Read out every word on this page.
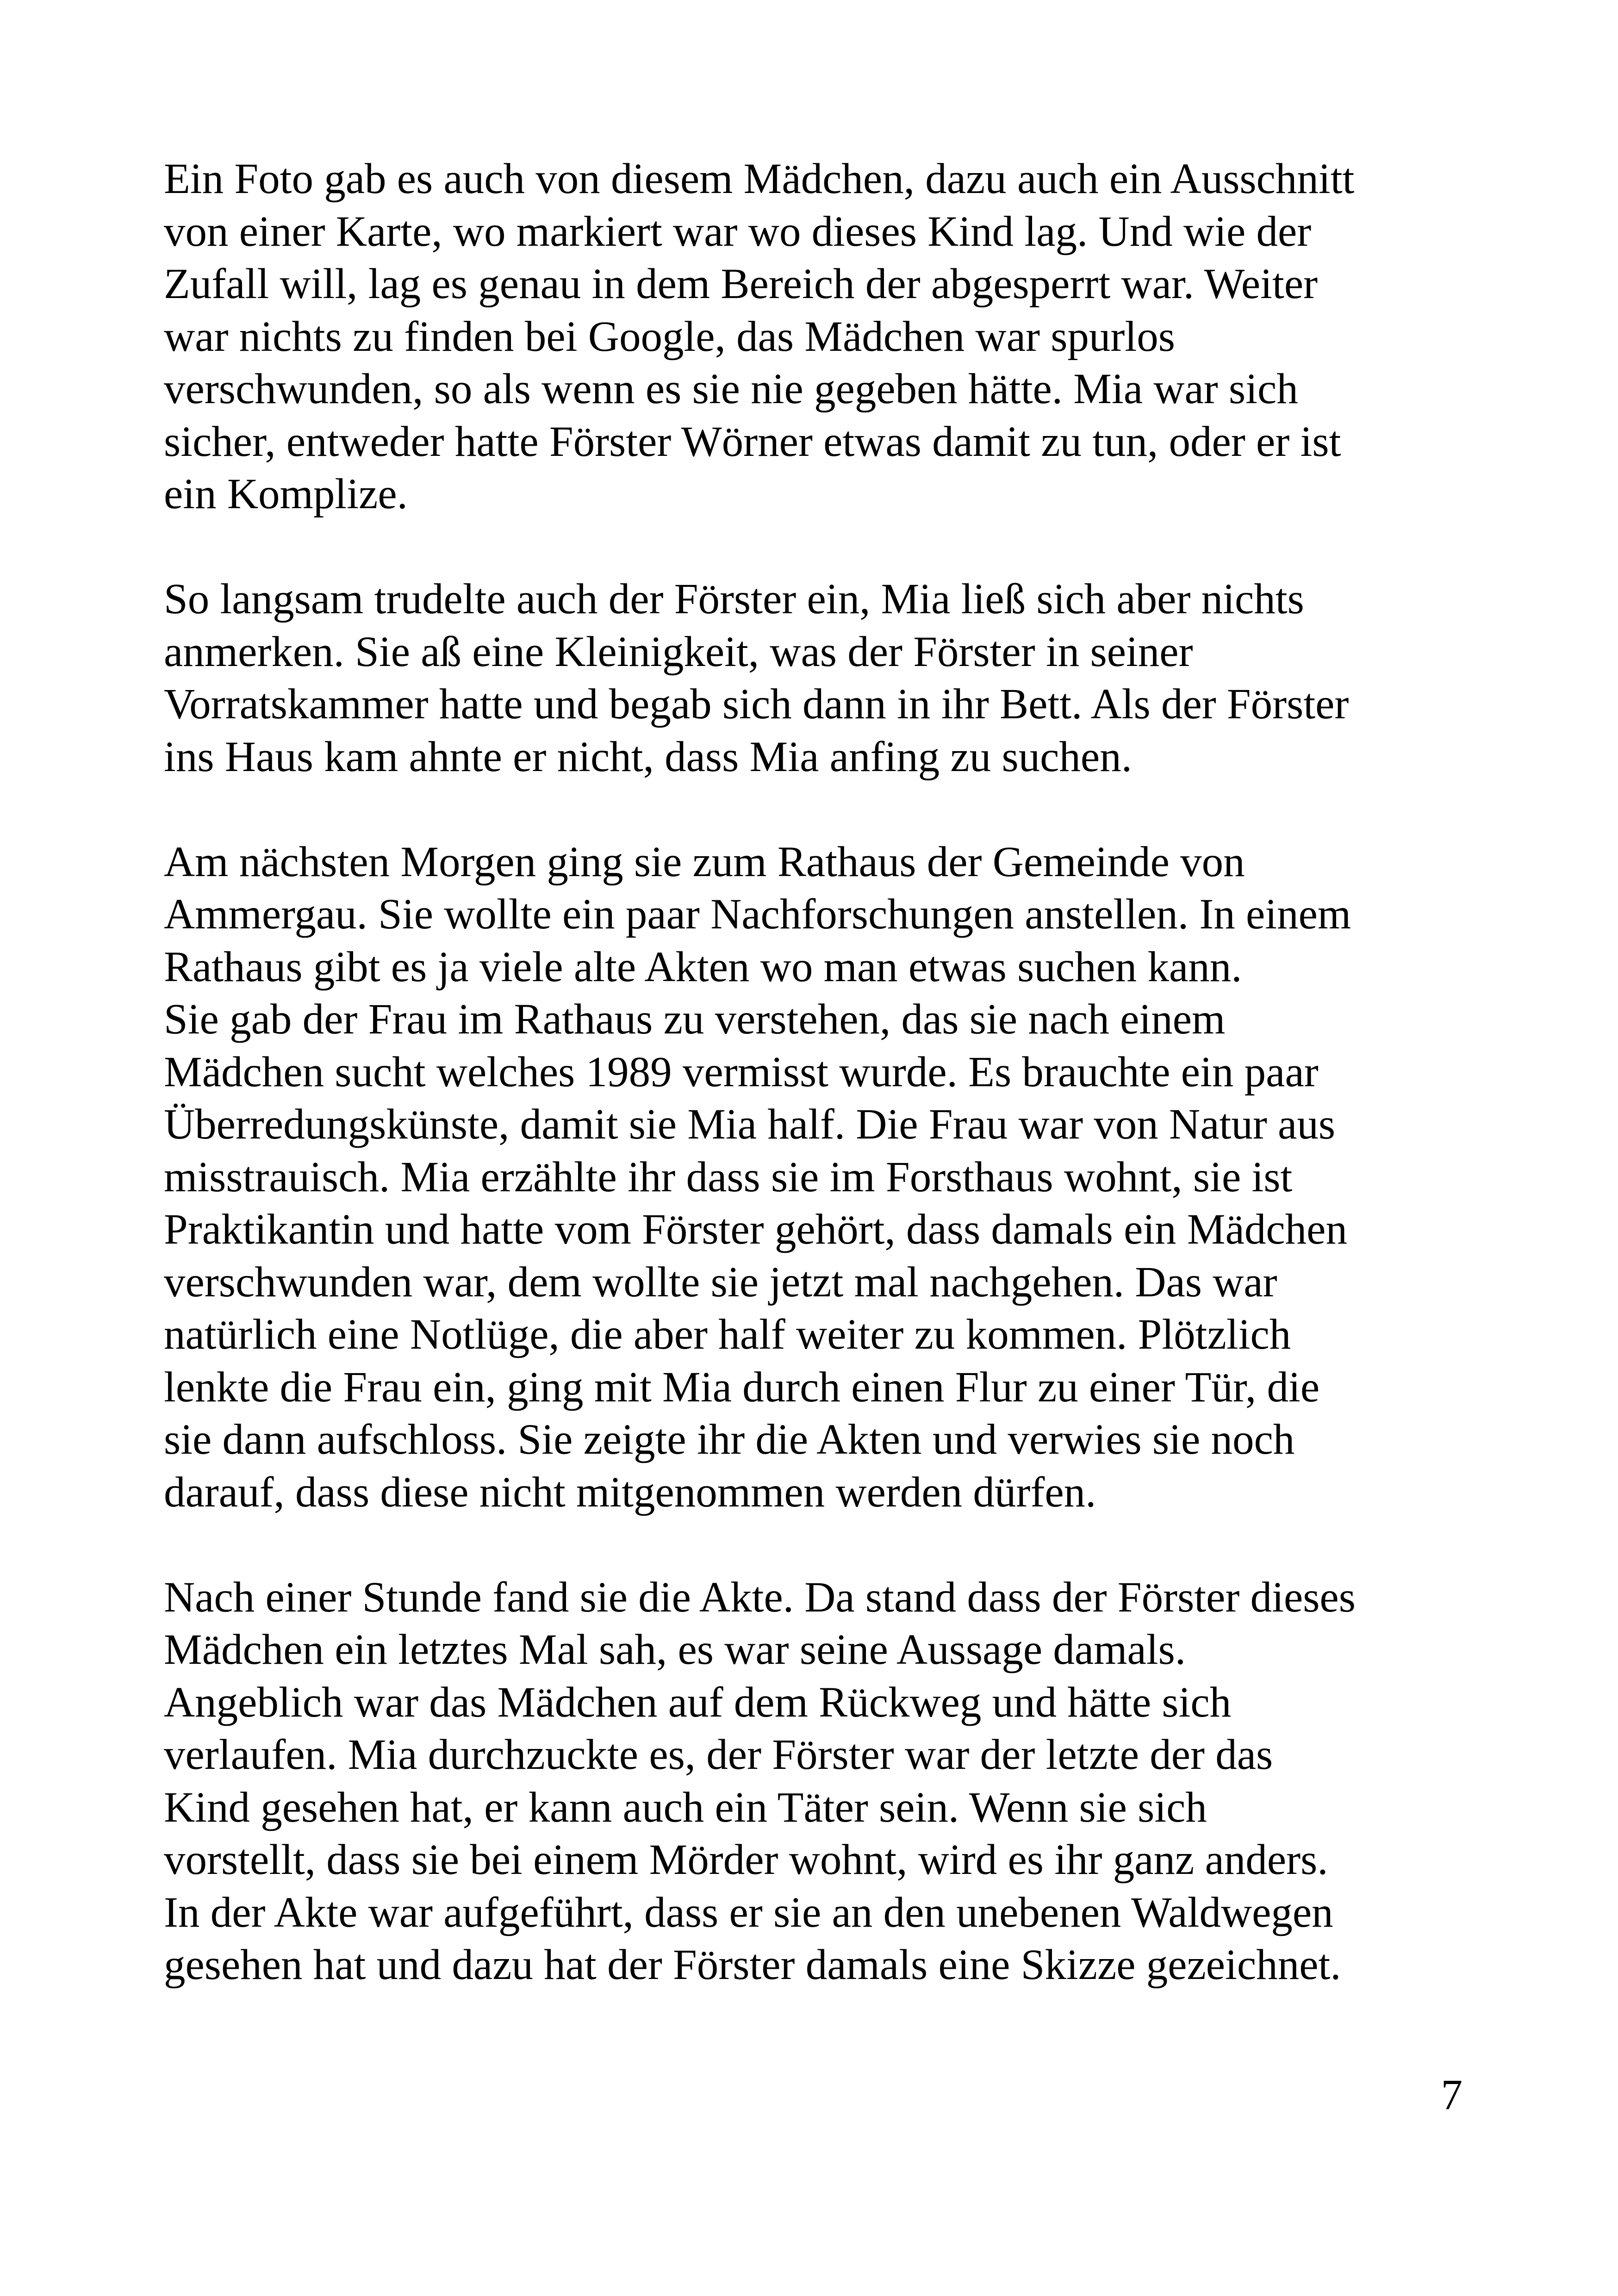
Ein Foto gab es auch von diesem Mädchen, dazu auch ein Ausschnitt
von einer Karte, wo markiert war wo dieses Kind lag. Und wie der
Zufall will, lag es genau in dem Bereich der abgesperrt war. Weiter
war nichts zu finden bei Google, das Mädchen war spurlos
verschwunden, so als wenn es sie nie gegeben hätte. Mia war sich
sicher, entweder hatte Förster Wörner etwas damit zu tun, oder er ist
ein Komplize.
So langsam trudelte auch der Förster ein, Mia ließ sich aber nichts
anmerken. Sie aß eine Kleinigkeit, was der Förster in seiner
Vorratskammer hatte und begab sich dann in ihr Bett. Als der Förster
ins Haus kam ahnte er nicht, dass Mia anfing zu suchen.
Am nächsten Morgen ging sie zum Rathaus der Gemeinde von
Ammergau. Sie wollte ein paar Nachforschungen anstellen. In einem
Rathaus gibt es ja viele alte Akten wo man etwas suchen kann.
Sie gab der Frau im Rathaus zu verstehen, das sie nach einem
Mädchen sucht welches 1989 vermisst wurde. Es brauchte ein paar
Überredungskünste, damit sie Mia half. Die Frau war von Natur aus
misstrauisch. Mia erzählte ihr dass sie im Forsthaus wohnt, sie ist
Praktikantin und hatte vom Förster gehört, dass damals ein Mädchen
verschwunden war, dem wollte sie jetzt mal nachgehen. Das war
natürlich eine Notlüge, die aber half weiter zu kommen. Plötzlich
lenkte die Frau ein, ging mit Mia durch einen Flur zu einer Tür, die
sie dann aufschloss. Sie zeigte ihr die Akten und verwies sie noch
darauf, dass diese nicht mitgenommen werden dürfen.
Nach einer Stunde fand sie die Akte. Da stand dass der Förster dieses
Mädchen ein letztes Mal sah, es war seine Aussage damals.
Angeblich war das Mädchen auf dem Rückweg und hätte sich
verlaufen. Mia durchzuckte es, der Förster war der letzte der das
Kind gesehen hat, er kann auch ein Täter sein. Wenn sie sich
vorstellt, dass sie bei einem Mörder wohnt, wird es ihr ganz anders.
In der Akte war aufgeführt, dass er sie an den unebenen Waldwegen
gesehen hat und dazu hat der Förster damals eine Skizze gezeichnet.
7
